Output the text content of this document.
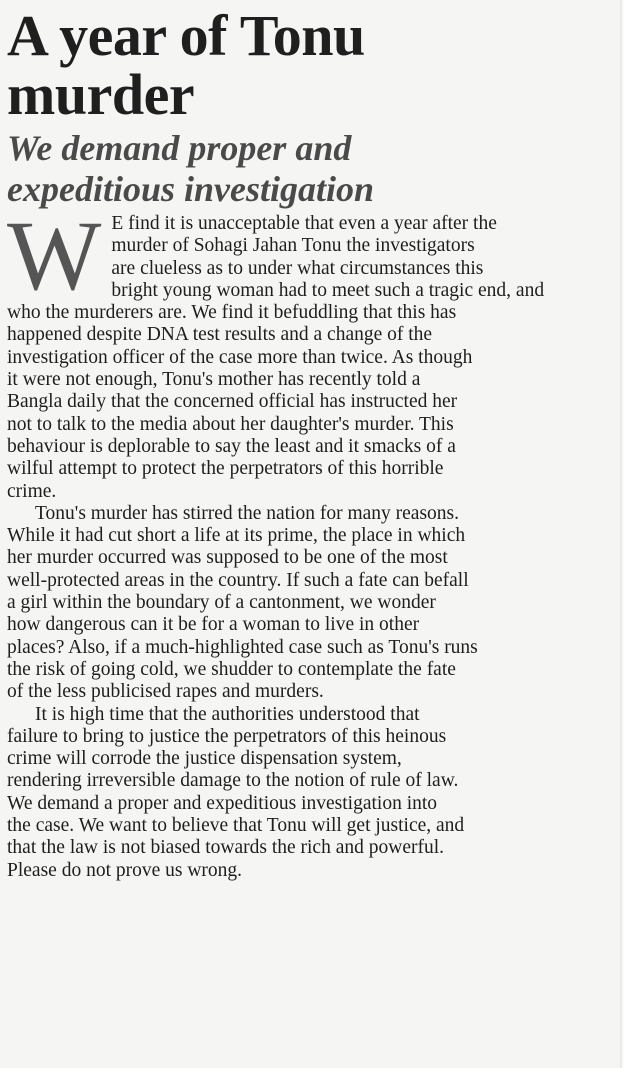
A year of Tonu
murder
We demand proper and
expeditious investigation

W E find it is unacceptable that even a year after the
murder of Sohagi Jahan Tonu the investigators
are clueless as to under what circumstances this
bright young woman had to meet such a tragic end, and
who the murderers are. We find it befuddling that this has
happened despite DNA test results and a change of the
investigation officer of the case more than twice. As though
it were not enough, Tonu's mother has recently told a
Bangla daily that the concerned official has instructed her
not to talk to the media about her daughter's murder. This
behaviour is deplorable to say the least and it smacks of a
wilful attempt to protect the perpetrators of this horrible
crime.

Tonu's murder has stirred the nation for many reasons.
While it had cut short a life at its prime, the place in which
her murder occurred was supposed to be one of the most
well-protected areas in the country. If such a fate can befall
a girl within the boundary of a cantonment, we wonder
how dangerous can it be for a woman to live in other
places? Also, if a much-highlighted case such as Tonu's runs
the risk of going cold, we shudder to contemplate the fate
of the less publicised rapes and murders.

It is high time that the authorities understood that
failure to bring to justice the perpetrators of this heinous
crime will corrode the justice dispensation system,
rendering irreversible damage to the notion of rule of law.
We demand a proper and expeditious investigation into
the case. We want to believe that Tonu will get justice, and
that the law is not biased towards the rich and powerful.
Please do not prove us wrong.
